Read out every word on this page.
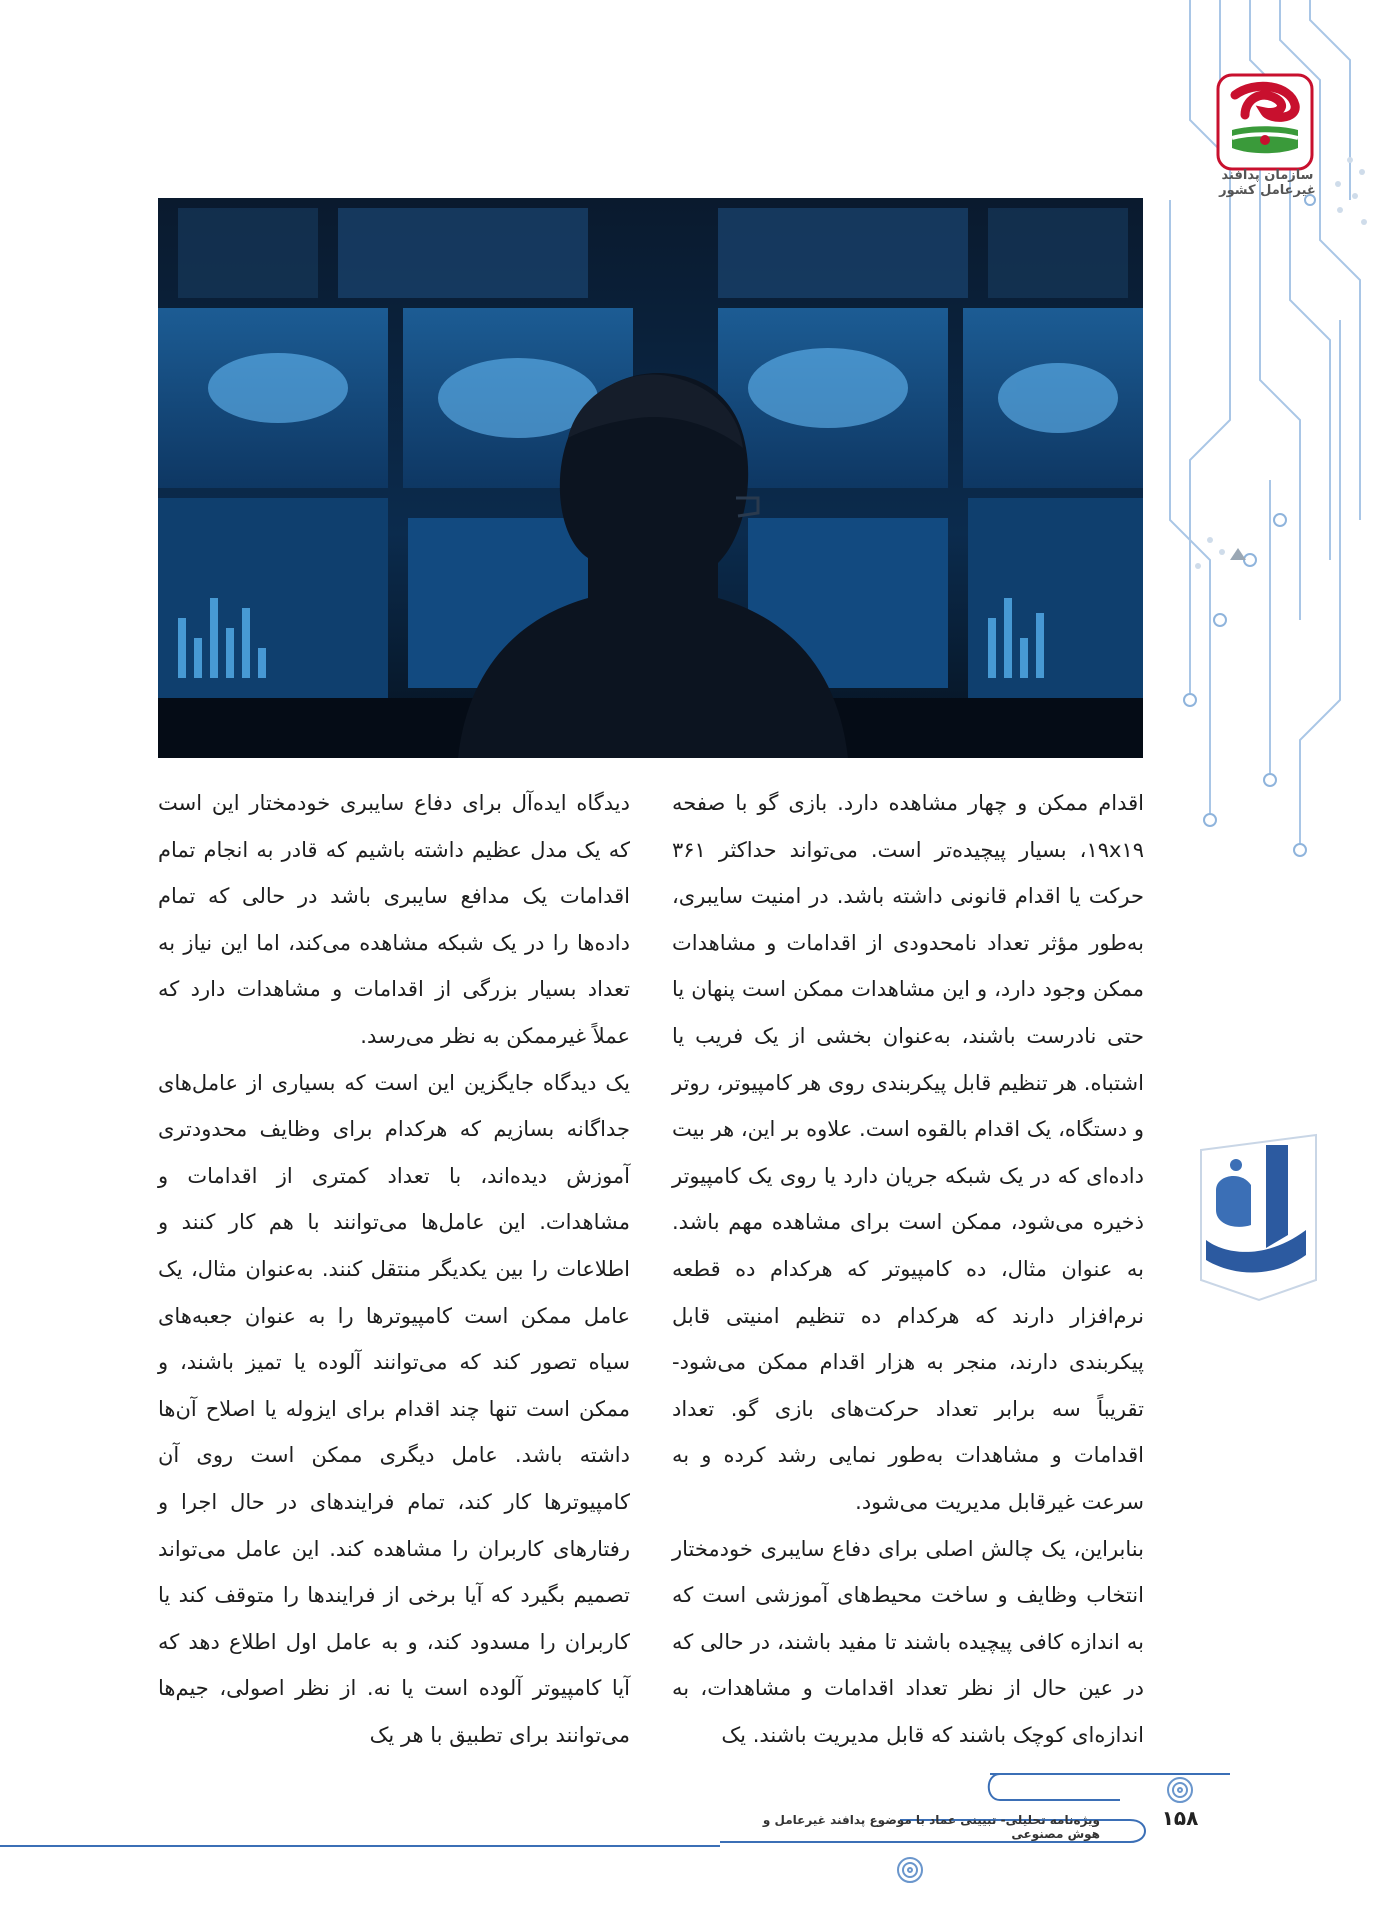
سازمان پدافند غیرعامل کشور

اقدام ممکن و چهار مشاهده دارد. بازی گو با صفحه ۱۹x۱۹، بسیار پیچیده‌تر است. می‌تواند حداکثر ۳۶۱ حرکت یا اقدام قانونی داشته باشد. در امنیت سایبری، به‌طور مؤثر تعداد نامحدودی از اقدامات و مشاهدات ممکن وجود دارد، و این مشاهدات ممکن است پنهان یا حتی نادرست باشند، به‌عنوان بخشی از یک فریب یا اشتباه. هر تنظیم قابل پیکربندی روی هر کامپیوتر، روتر و دستگاه، یک اقدام بالقوه است. علاوه بر این، هر بیت داده‌ای که در یک شبکه جریان دارد یا روی یک کامپیوتر ذخیره می‌شود، ممکن است برای مشاهده مهم باشد. به عنوان مثال، ده کامپیوتر که هرکدام ده قطعه نرم‌افزار دارند که هرکدام ده تنظیم امنیتی قابل پیکربندی دارند، منجر به هزار اقدام ممکن می‌شود-تقریباً سه برابر تعداد حرکت‌های بازی گو. تعداد اقدامات و مشاهدات به‌طور نمایی رشد کرده و به سرعت غیرقابل مدیریت می‌شود.

بنابراین، یک چالش اصلی برای دفاع سایبری خودمختار انتخاب وظایف و ساخت محیط‌های آموزشی است که به اندازه کافی پیچیده باشند تا مفید باشند، در حالی که در عین حال از نظر تعداد اقدامات و مشاهدات، به اندازه‌ای کوچک باشند که قابل مدیریت باشند. یک

دیدگاه ایده‌آل برای دفاع سایبری خودمختار این است که یک مدل عظیم داشته باشیم که قادر به انجام تمام اقدامات یک مدافع سایبری باشد در حالی که تمام داده‌ها را در یک شبکه مشاهده می‌کند، اما این نیاز به تعداد بسیار بزرگی از اقدامات و مشاهدات دارد که عملاً غیرممکن به نظر می‌رسد.

یک دیدگاه جایگزین این است که بسیاری از عامل‌های جداگانه بسازیم که هرکدام برای وظایف محدودتری آموزش دیده‌اند، با تعداد کمتری از اقدامات و مشاهدات. این عامل‌ها می‌توانند با هم کار کنند و اطلاعات را بین یکدیگر منتقل کنند. به‌عنوان مثال، یک عامل ممکن است کامپیوترها را به عنوان جعبه‌های سیاه تصور کند که می‌توانند آلوده یا تمیز باشند، و ممکن است تنها چند اقدام برای ایزوله یا اصلاح آن‌ها داشته باشد. عامل دیگری ممکن است روی آن کامپیوترها کار کند، تمام فرایندهای در حال اجرا و رفتارهای کاربران را مشاهده کند. این عامل می‌تواند تصمیم بگیرد که آیا برخی از فرایندها را متوقف کند یا کاربران را مسدود کند، و به عامل اول اطلاع دهد که آیا کامپیوتر آلوده است یا نه. از نظر اصولی، جیم‌ها می‌توانند برای تطبیق با هر یک

ویژه‌نامه تحلیلی- تبیینی عماد با موضوع پدافند غیرعامل و هوش مصنوعی
۱۵۸
